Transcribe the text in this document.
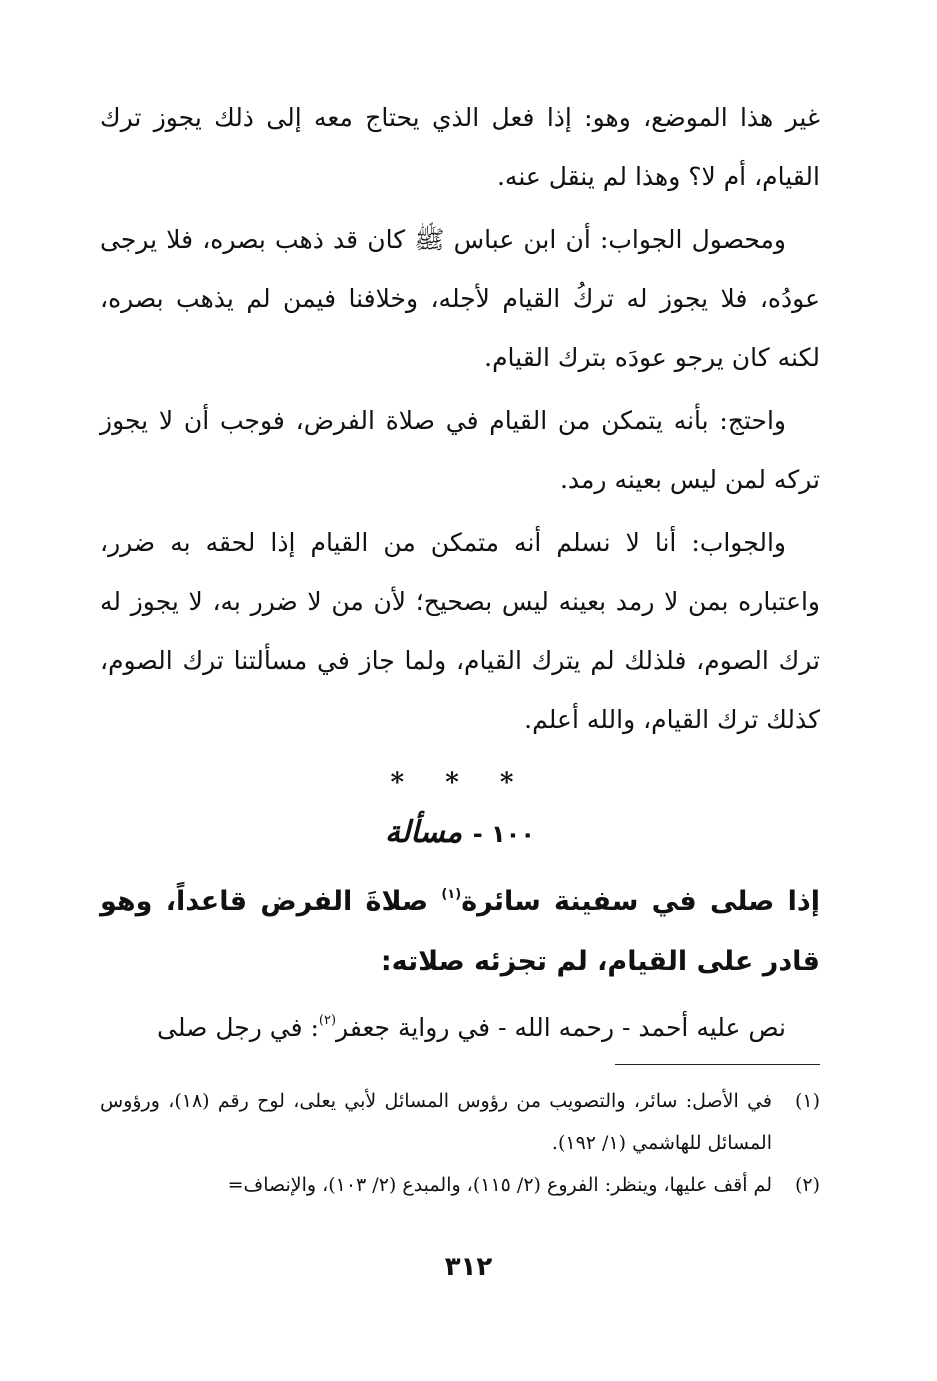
غير هذا الموضع، وهو: إذا فعل الذي يحتاج معه إلى ذلك يجوز ترك القيام، أم لا؟ وهذا لم ينقل عنه.

ومحصول الجواب: أن ابن عباس ﷺ كان قد ذهب بصره، فلا يرجى عودُه، فلا يجوز له تركُ القيام لأجله، وخلافنا فيمن لم يذهب بصره، لكنه كان يرجو عودَه بترك القيام.

واحتج: بأنه يتمكن من القيام في صلاة الفرض، فوجب أن لا يجوز تركه لمن ليس بعينه رمد.

والجواب: أنا لا نسلم أنه متمكن من القيام إذا لحقه به ضرر، واعتباره بمن لا رمد بعينه ليس بصحيح؛ لأن من لا ضرر به، لا يجوز له ترك الصوم، فلذلك لم يترك القيام، ولما جاز في مسألتنا ترك الصوم، كذلك ترك القيام، والله أعلم.

* * *
١٠٠ - مسألة

إذا صلى في سفينة سائرة$^{(١)}$ صلاةَ الفرض قاعداً، وهو قادر على القيام، لم تجزئه صلاته:

نص عليه أحمد - رحمه الله - في رواية جعفر$^{(٢)}$: في رجل صلى

(١)
في الأصل: سائر، والتصويب من رؤوس المسائل لأبي يعلى، لوح رقم (١٨)، ورؤوس المسائل للهاشمي (١/ ١٩٢).
(٢)
لم أقف عليها، وينظر: الفروع (٢/ ١١٥)، والمبدع (٢/ ١٠٣)، والإنصاف=
٣١٢
